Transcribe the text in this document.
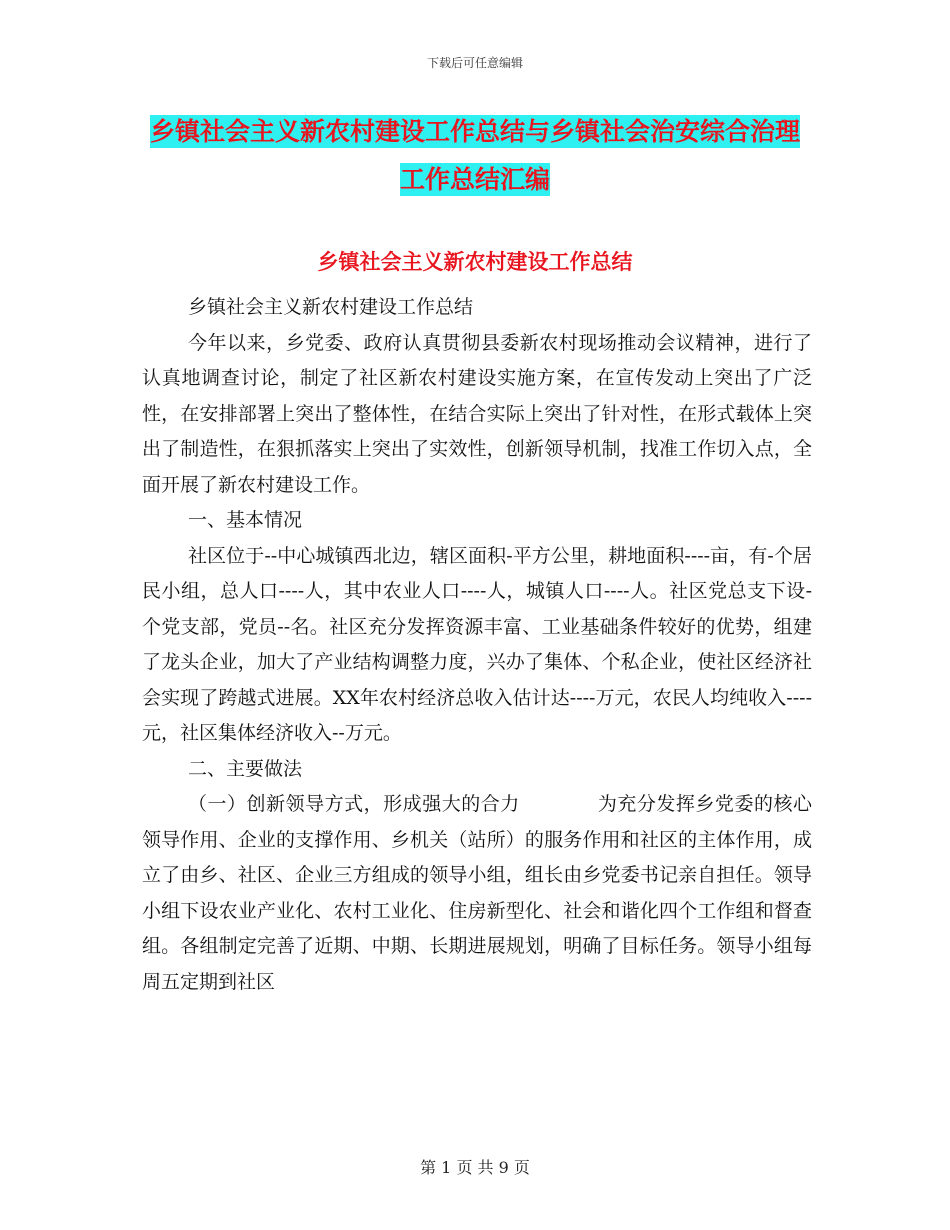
下载后可任意编辑
乡镇社会主义新农村建设工作总结与乡镇社会治安综合治理工作总结汇编
乡镇社会主义新农村建设工作总结

乡镇社会主义新农村建设工作总结

今年以来，乡党委、政府认真贯彻县委新农村现场推动会议精神，进行了认真地调查讨论，制定了社区新农村建设实施方案，在宣传发动上突出了广泛性，在安排部署上突出了整体性，在结合实际上突出了针对性，在形式载体上突出了制造性，在狠抓落实上突出了实效性，创新领导机制，找准工作切入点，全面开展了新农村建设工作。

一、基本情况

社区位于--中心城镇西北边，辖区面积-平方公里，耕地面积----亩，有-个居民小组，总人口----人，其中农业人口----人，城镇人口----人。社区党总支下设-个党支部，党员--名。社区充分发挥资源丰富、工业基础条件较好的优势，组建了龙头企业，加大了产业结构调整力度，兴办了集体、个私企业，使社区经济社会实现了跨越式进展。XX年农村经济总收入估计达----万元，农民人均纯收入----元，社区集体经济收入--万元。

二、主要做法

（一）创新领导方式，形成强大的合力　　　　为充分发挥乡党委的核心领导作用、企业的支撑作用、乡机关（站所）的服务作用和社区的主体作用，成立了由乡、社区、企业三方组成的领导小组，组长由乡党委书记亲自担任。领导小组下设农业产业化、农村工业化、住房新型化、社会和谐化四个工作组和督查组。各组制定完善了近期、中期、长期进展规划，明确了目标任务。领导小组每周五定期到社区

第 1 页 共 9 页
